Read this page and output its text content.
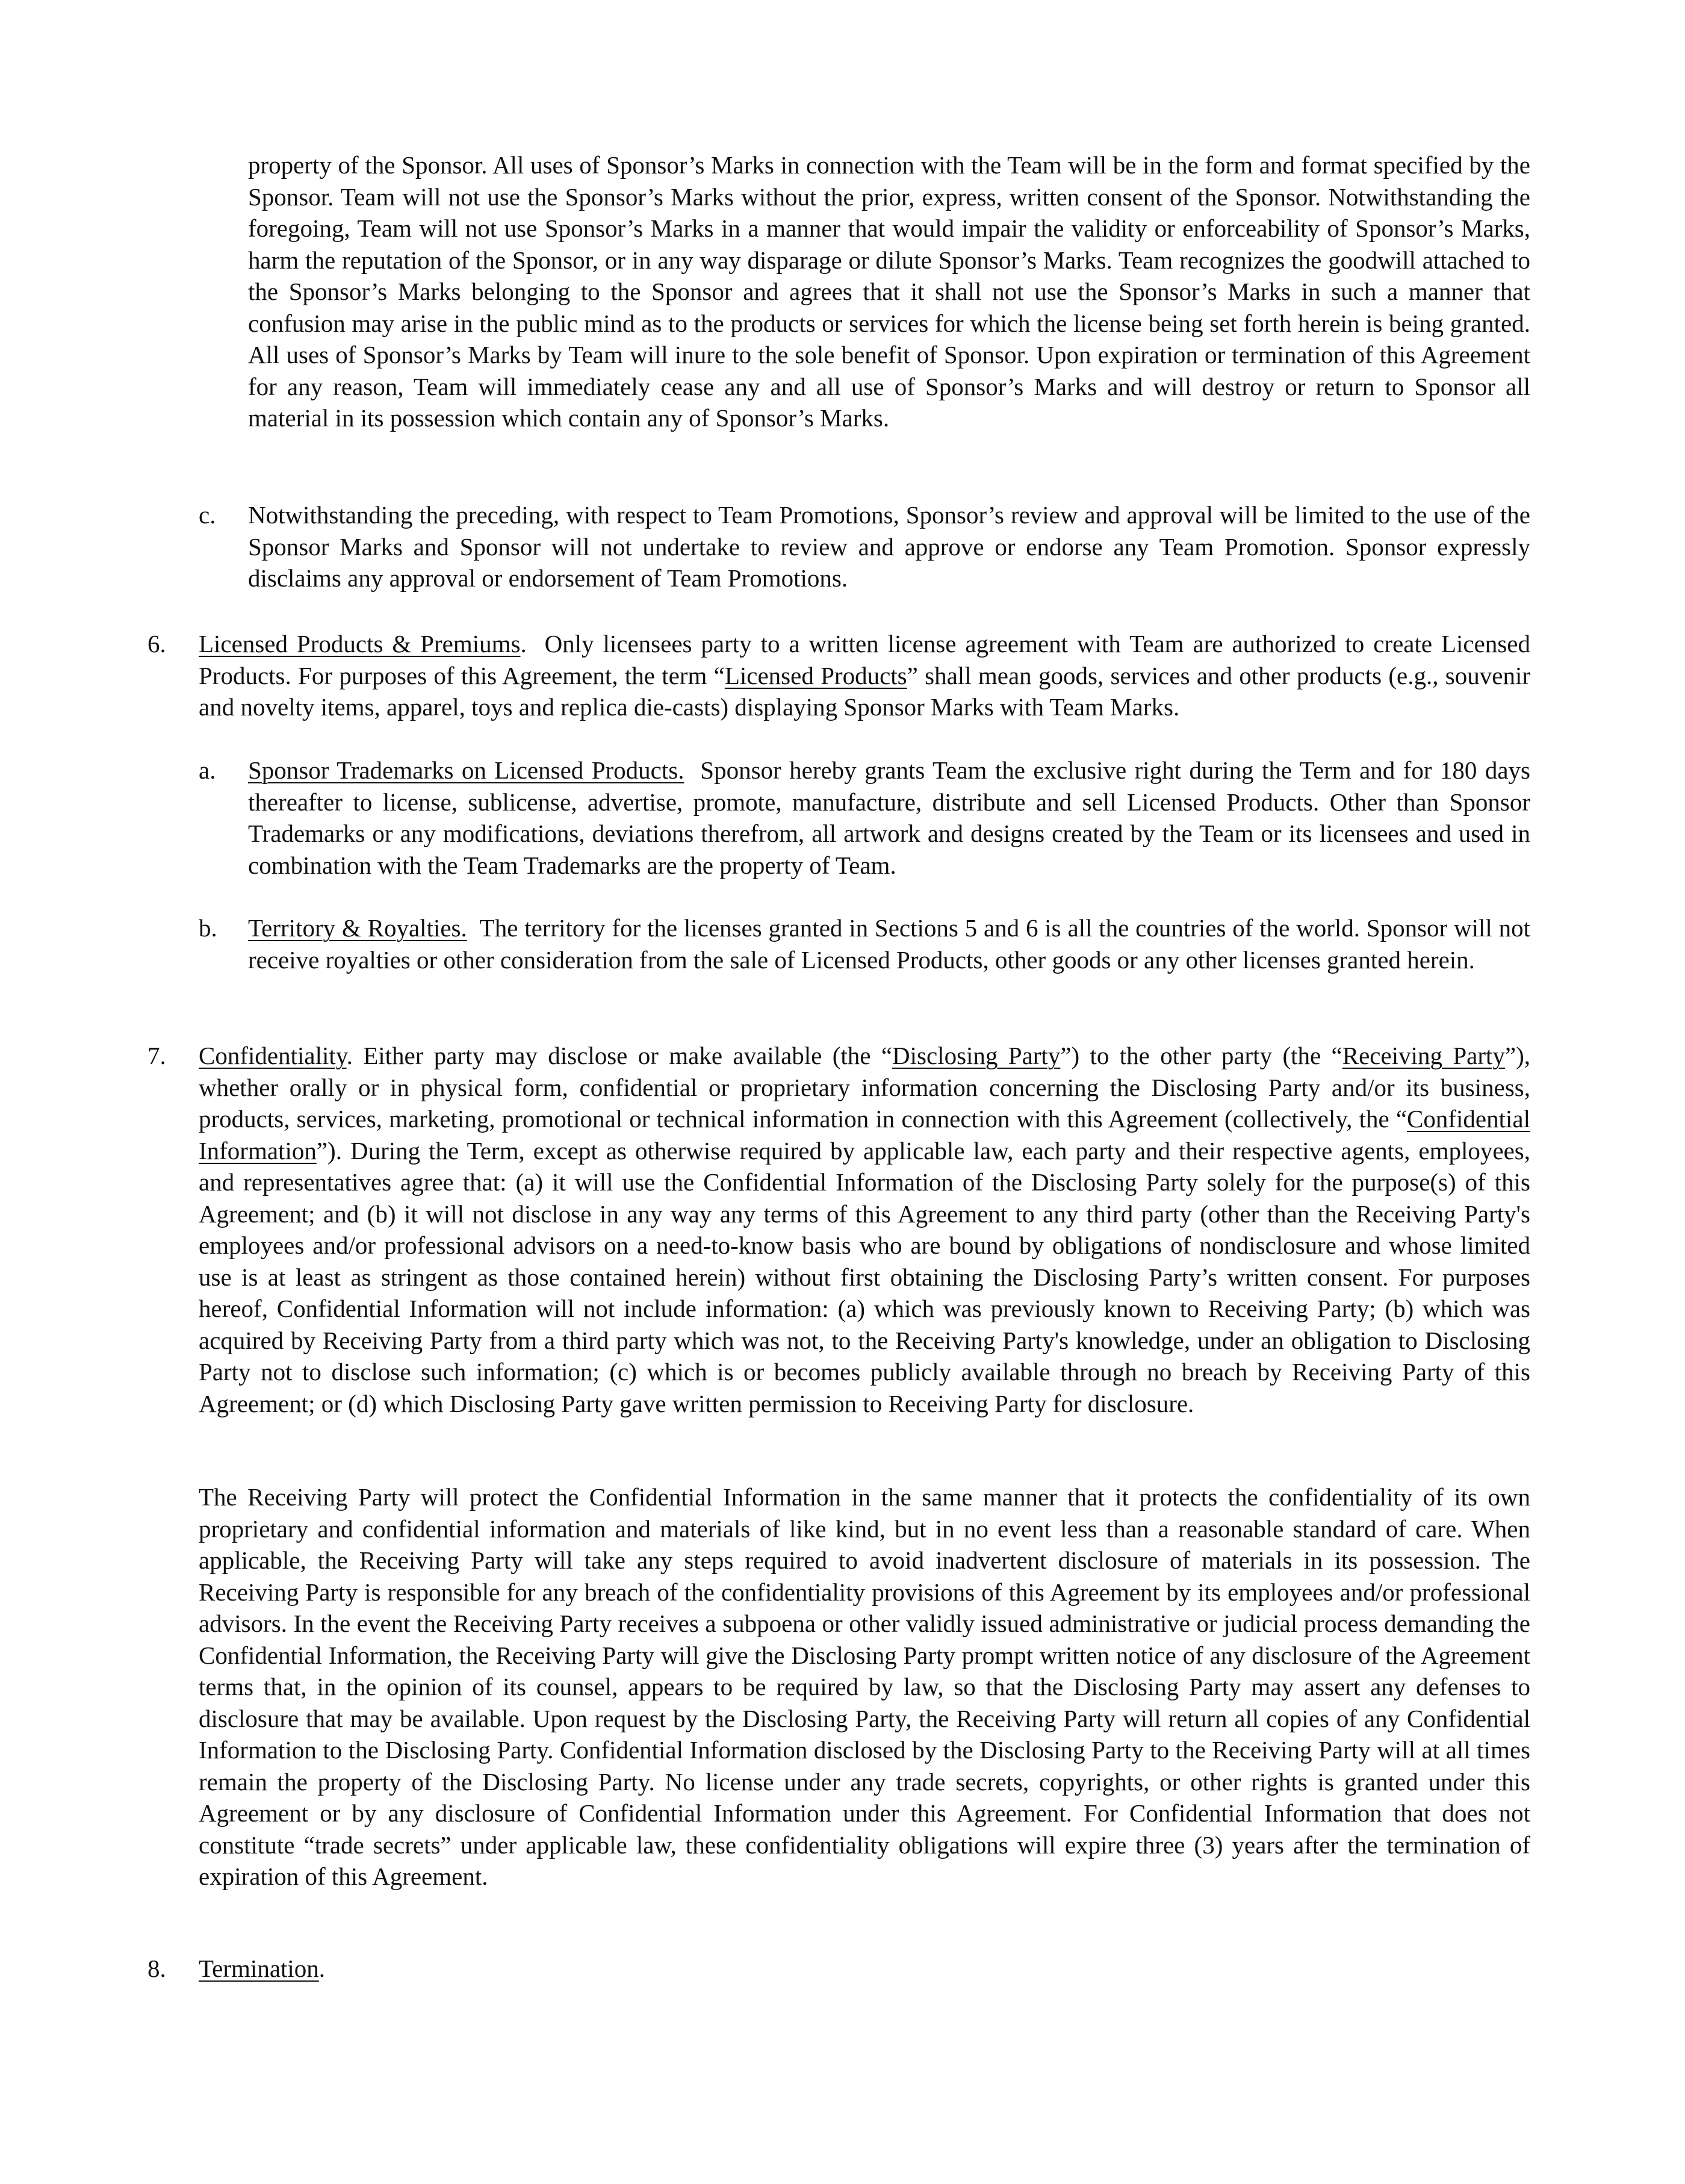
property of the Sponsor. All uses of Sponsor’s Marks in connection with the Team will be in the form and format specified by the Sponsor. Team will not use the Sponsor’s Marks without the prior, express, written consent of the Sponsor. Notwithstanding the foregoing, Team will not use Sponsor’s Marks in a manner that would impair the validity or enforceability of Sponsor’s Marks, harm the reputation of the Sponsor, or in any way disparage or dilute Sponsor’s Marks. Team recognizes the goodwill attached to the Sponsor’s Marks belonging to the Sponsor and agrees that it shall not use the Sponsor’s Marks in such a manner that confusion may arise in the public mind as to the products or services for which the license being set forth herein is being granted. All uses of Sponsor’s Marks by Team will inure to the sole benefit of Sponsor. Upon expiration or termination of this Agreement for any reason, Team will immediately cease any and all use of Sponsor’s Marks and will destroy or return to Sponsor all material in its possession which contain any of Sponsor’s Marks.

c. Notwithstanding the preceding, with respect to Team Promotions, Sponsor’s review and approval will be limited to the use of the Sponsor Marks and Sponsor will not undertake to review and approve or endorse any Team Promotion. Sponsor expressly disclaims any approval or endorsement of Team Promotions.

6. Licensed Products & Premiums. Only licensees party to a written license agreement with Team are authorized to create Licensed Products. For purposes of this Agreement, the term “Licensed Products” shall mean goods, services and other products (e.g., souvenir and novelty items, apparel, toys and replica die-casts) displaying Sponsor Marks with Team Marks.

a. Sponsor Trademarks on Licensed Products. Sponsor hereby grants Team the exclusive right during the Term and for 180 days thereafter to license, sublicense, advertise, promote, manufacture, distribute and sell Licensed Products. Other than Sponsor Trademarks or any modifications, deviations therefrom, all artwork and designs created by the Team or its licensees and used in combination with the Team Trademarks are the property of Team.

b. Territory & Royalties. The territory for the licenses granted in Sections 5 and 6 is all the countries of the world. Sponsor will not receive royalties or other consideration from the sale of Licensed Products, other goods or any other licenses granted herein.

7. Confidentiality. Either party may disclose or make available (the “Disclosing Party”) to the other party (the “Receiving Party”), whether orally or in physical form, confidential or proprietary information concerning the Disclosing Party and/or its business, products, services, marketing, promotional or technical information in connection with this Agreement (collectively, the “Confidential Information”). During the Term, except as otherwise required by applicable law, each party and their respective agents, employees, and representatives agree that: (a) it will use the Confidential Information of the Disclosing Party solely for the purpose(s) of this Agreement; and (b) it will not disclose in any way any terms of this Agreement to any third party (other than the Receiving Party's employees and/or professional advisors on a need-to-know basis who are bound by obligations of nondisclosure and whose limited use is at least as stringent as those contained herein) without first obtaining the Disclosing Party’s written consent. For purposes hereof, Confidential Information will not include information: (a) which was previously known to Receiving Party; (b) which was acquired by Receiving Party from a third party which was not, to the Receiving Party's knowledge, under an obligation to Disclosing Party not to disclose such information; (c) which is or becomes publicly available through no breach by Receiving Party of this Agreement; or (d) which Disclosing Party gave written permission to Receiving Party for disclosure.

The Receiving Party will protect the Confidential Information in the same manner that it protects the confidentiality of its own proprietary and confidential information and materials of like kind, but in no event less than a reasonable standard of care. When applicable, the Receiving Party will take any steps required to avoid inadvertent disclosure of materials in its possession. The Receiving Party is responsible for any breach of the confidentiality provisions of this Agreement by its employees and/or professional advisors. In the event the Receiving Party receives a subpoena or other validly issued administrative or judicial process demanding the Confidential Information, the Receiving Party will give the Disclosing Party prompt written notice of any disclosure of the Agreement terms that, in the opinion of its counsel, appears to be required by law, so that the Disclosing Party may assert any defenses to disclosure that may be available. Upon request by the Disclosing Party, the Receiving Party will return all copies of any Confidential Information to the Disclosing Party. Confidential Information disclosed by the Disclosing Party to the Receiving Party will at all times remain the property of the Disclosing Party. No license under any trade secrets, copyrights, or other rights is granted under this Agreement or by any disclosure of Confidential Information under this Agreement. For Confidential Information that does not constitute “trade secrets” under applicable law, these confidentiality obligations will expire three (3) years after the termination of expiration of this Agreement.

8. Termination.
